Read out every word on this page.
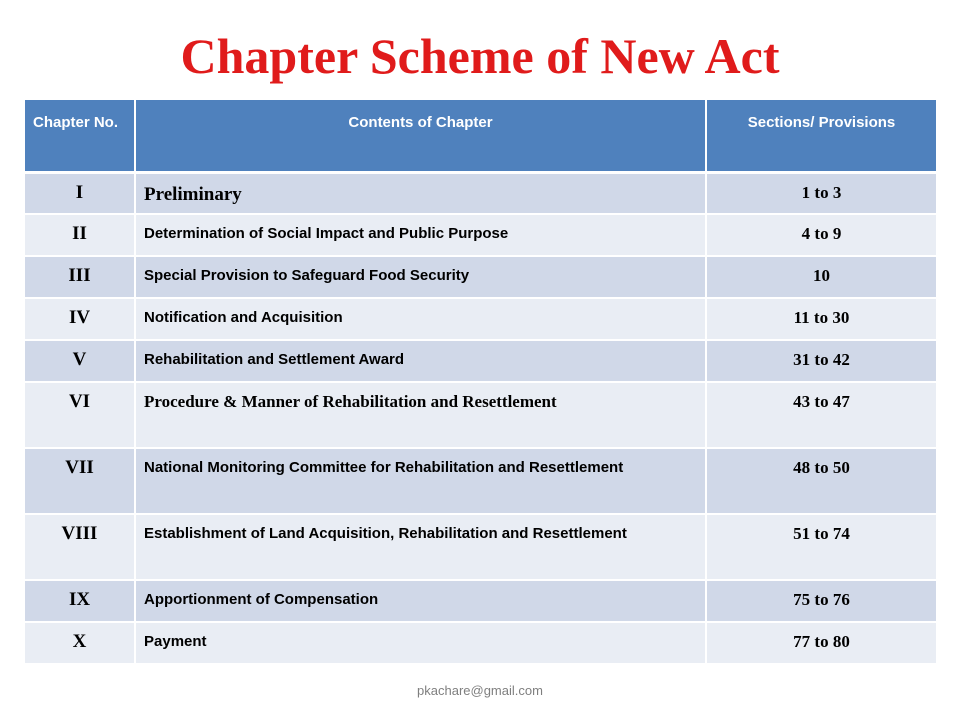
Chapter Scheme of New Act
Chapter No.	Contents of Chapter	Sections/ Provisions
I	Preliminary	1 to 3
II	Determination of Social Impact and Public Purpose	4 to 9
III	Special Provision to Safeguard Food Security	10
IV	Notification and Acquisition	11 to 30
V	Rehabilitation and Settlement Award	31 to 42
VI	Procedure & Manner of Rehabilitation and Resettlement	43 to 47
VII	National Monitoring Committee for Rehabilitation and Resettlement	48 to 50
VIII	Establishment of Land Acquisition, Rehabilitation and Resettlement	51 to 74
IX	Apportionment of Compensation	75 to 76
X	Payment	77 to 80
pkachare@gmail.com
